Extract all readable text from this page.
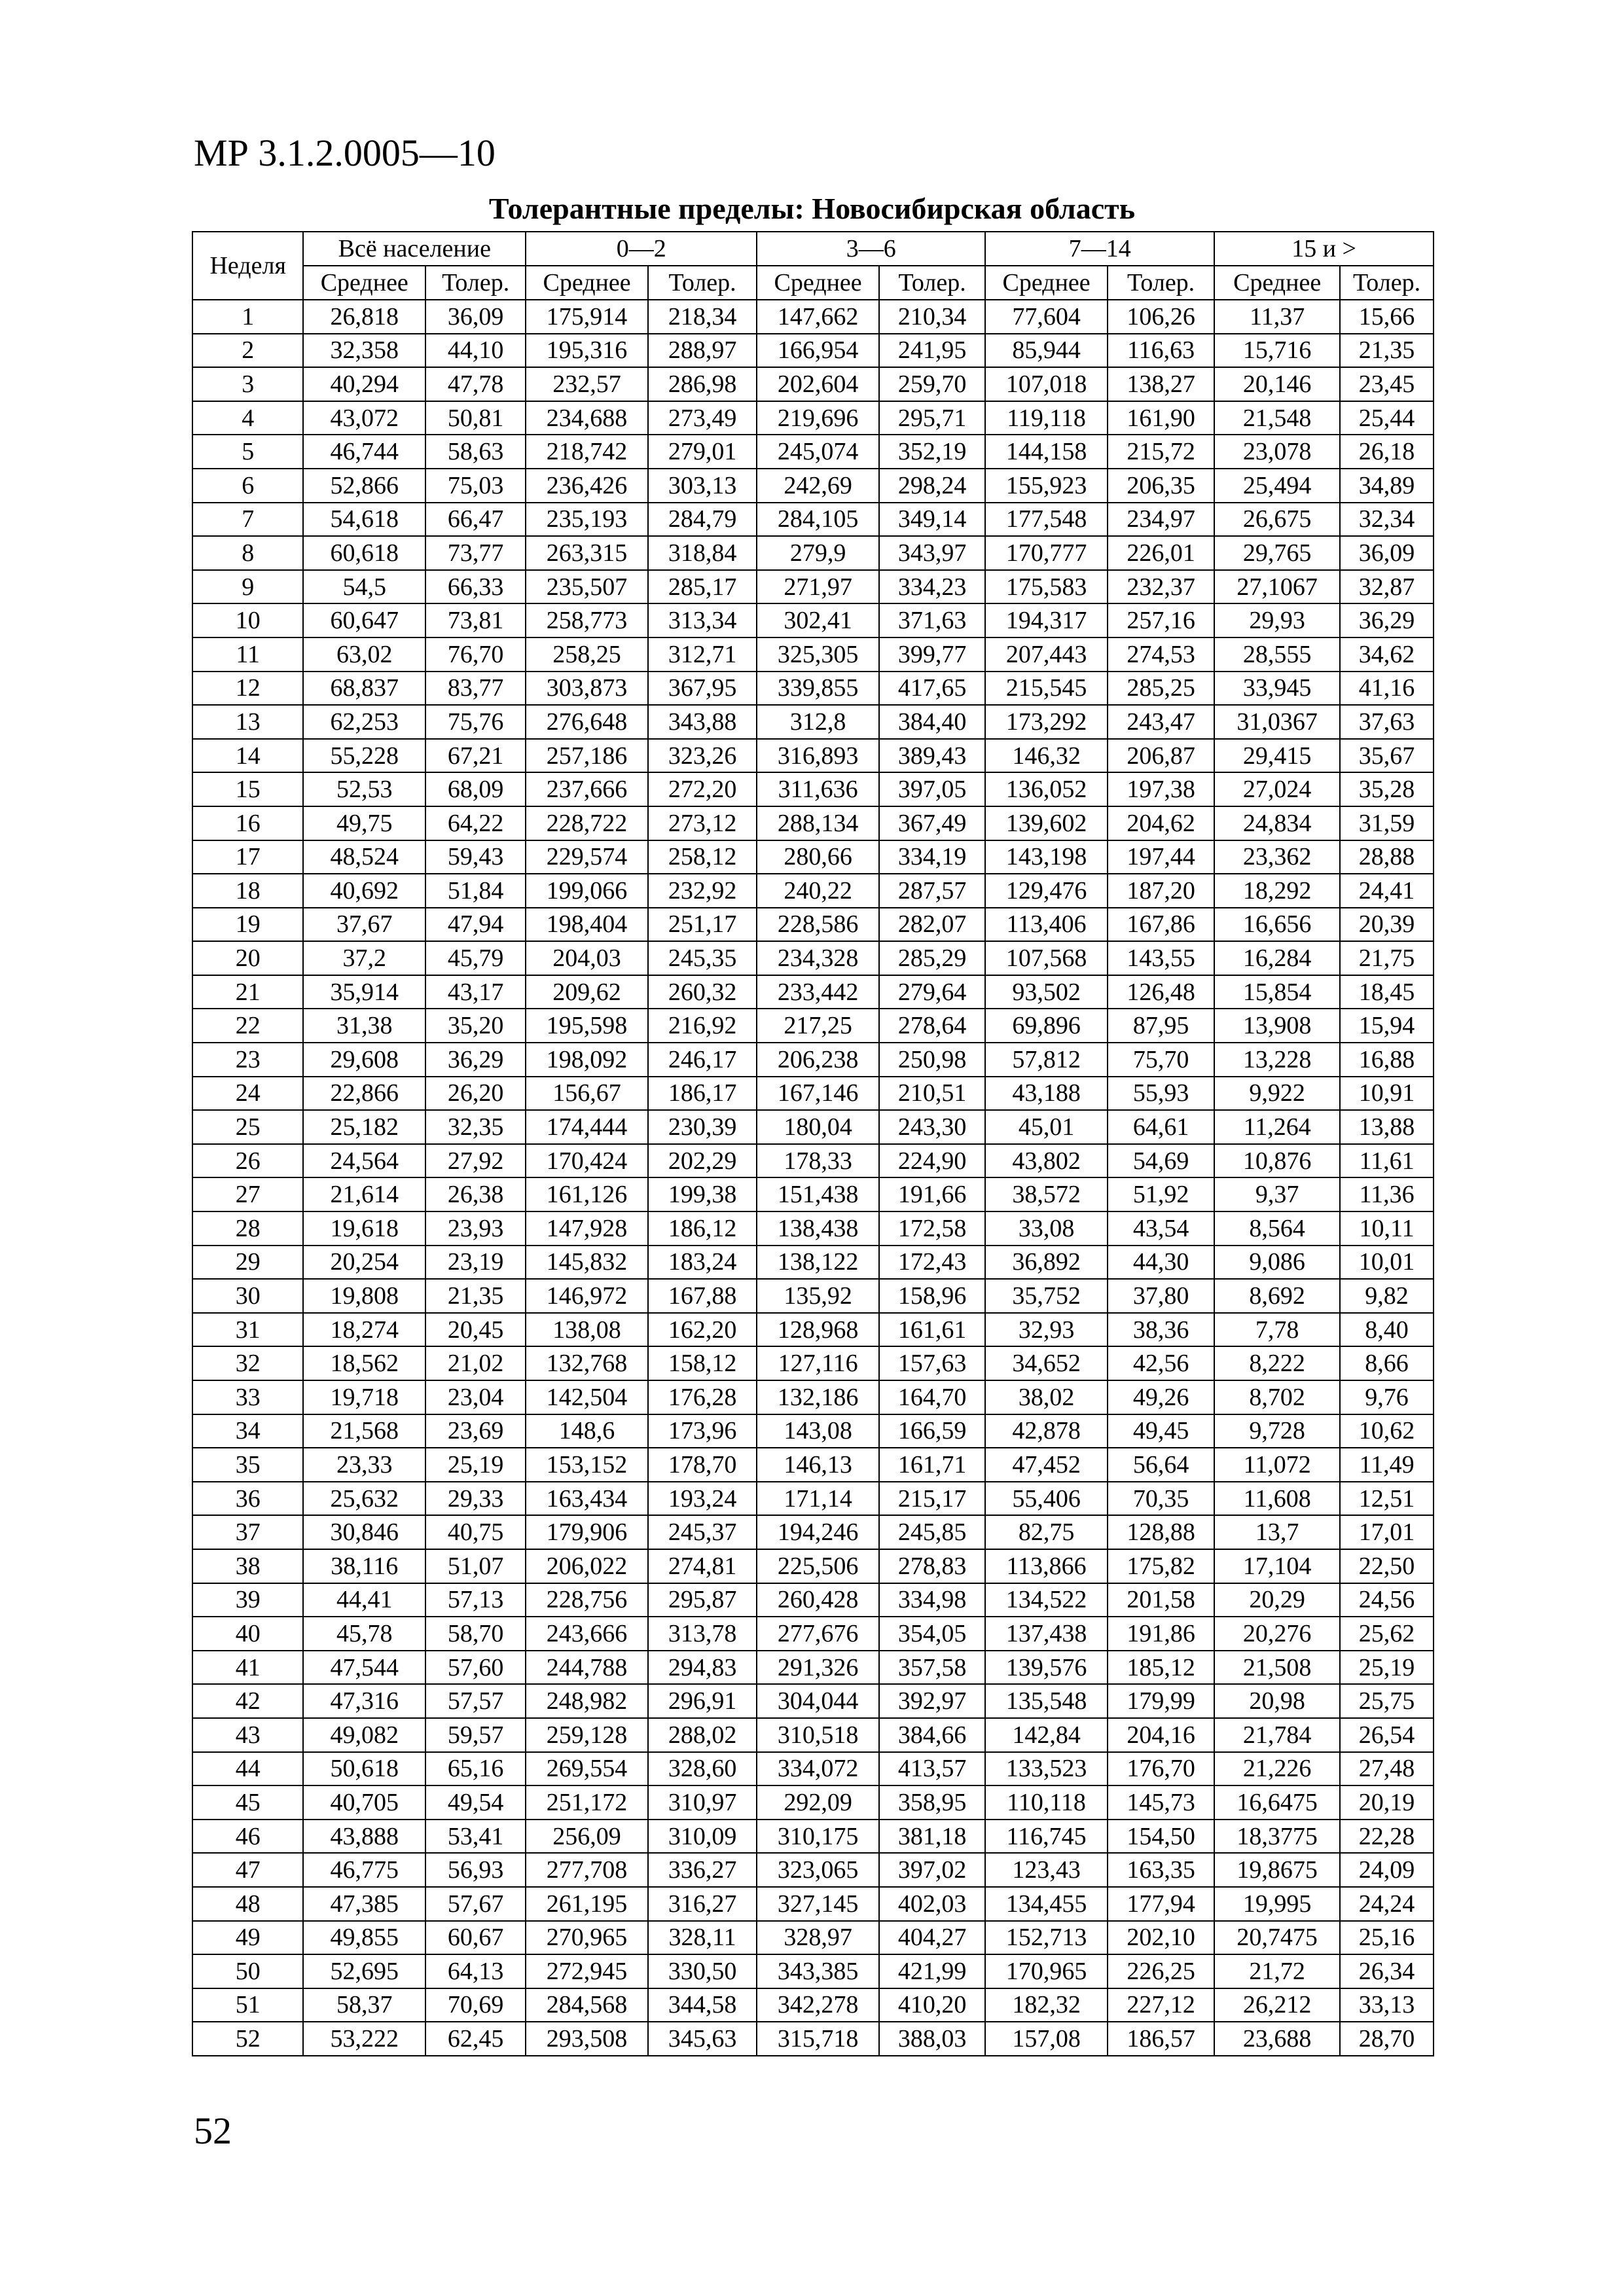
МР 3.1.2.0005—10
Толерантные пределы: Новосибирская область
Неделя	Всё население		0—2		3—6		7—14		15 и >	
	Среднее	Толер.	Среднее	Толер.	Среднее	Толер.	Среднее	Толер.	Среднее	Толер.
1	26,818	36,09	175,914	218,34	147,662	210,34	77,604	106,26	11,37	15,66
2	32,358	44,10	195,316	288,97	166,954	241,95	85,944	116,63	15,716	21,35
3	40,294	47,78	232,57	286,98	202,604	259,70	107,018	138,27	20,146	23,45
4	43,072	50,81	234,688	273,49	219,696	295,71	119,118	161,90	21,548	25,44
5	46,744	58,63	218,742	279,01	245,074	352,19	144,158	215,72	23,078	26,18
6	52,866	75,03	236,426	303,13	242,69	298,24	155,923	206,35	25,494	34,89
7	54,618	66,47	235,193	284,79	284,105	349,14	177,548	234,97	26,675	32,34
8	60,618	73,77	263,315	318,84	279,9	343,97	170,777	226,01	29,765	36,09
9	54,5	66,33	235,507	285,17	271,97	334,23	175,583	232,37	27,1067	32,87
10	60,647	73,81	258,773	313,34	302,41	371,63	194,317	257,16	29,93	36,29
11	63,02	76,70	258,25	312,71	325,305	399,77	207,443	274,53	28,555	34,62
12	68,837	83,77	303,873	367,95	339,855	417,65	215,545	285,25	33,945	41,16
13	62,253	75,76	276,648	343,88	312,8	384,40	173,292	243,47	31,0367	37,63
14	55,228	67,21	257,186	323,26	316,893	389,43	146,32	206,87	29,415	35,67
15	52,53	68,09	237,666	272,20	311,636	397,05	136,052	197,38	27,024	35,28
16	49,75	64,22	228,722	273,12	288,134	367,49	139,602	204,62	24,834	31,59
17	48,524	59,43	229,574	258,12	280,66	334,19	143,198	197,44	23,362	28,88
18	40,692	51,84	199,066	232,92	240,22	287,57	129,476	187,20	18,292	24,41
19	37,67	47,94	198,404	251,17	228,586	282,07	113,406	167,86	16,656	20,39
20	37,2	45,79	204,03	245,35	234,328	285,29	107,568	143,55	16,284	21,75
21	35,914	43,17	209,62	260,32	233,442	279,64	93,502	126,48	15,854	18,45
22	31,38	35,20	195,598	216,92	217,25	278,64	69,896	87,95	13,908	15,94
23	29,608	36,29	198,092	246,17	206,238	250,98	57,812	75,70	13,228	16,88
24	22,866	26,20	156,67	186,17	167,146	210,51	43,188	55,93	9,922	10,91
25	25,182	32,35	174,444	230,39	180,04	243,30	45,01	64,61	11,264	13,88
26	24,564	27,92	170,424	202,29	178,33	224,90	43,802	54,69	10,876	11,61
27	21,614	26,38	161,126	199,38	151,438	191,66	38,572	51,92	9,37	11,36
28	19,618	23,93	147,928	186,12	138,438	172,58	33,08	43,54	8,564	10,11
29	20,254	23,19	145,832	183,24	138,122	172,43	36,892	44,30	9,086	10,01
30	19,808	21,35	146,972	167,88	135,92	158,96	35,752	37,80	8,692	9,82
31	18,274	20,45	138,08	162,20	128,968	161,61	32,93	38,36	7,78	8,40
32	18,562	21,02	132,768	158,12	127,116	157,63	34,652	42,56	8,222	8,66
33	19,718	23,04	142,504	176,28	132,186	164,70	38,02	49,26	8,702	9,76
34	21,568	23,69	148,6	173,96	143,08	166,59	42,878	49,45	9,728	10,62
35	23,33	25,19	153,152	178,70	146,13	161,71	47,452	56,64	11,072	11,49
36	25,632	29,33	163,434	193,24	171,14	215,17	55,406	70,35	11,608	12,51
37	30,846	40,75	179,906	245,37	194,246	245,85	82,75	128,88	13,7	17,01
38	38,116	51,07	206,022	274,81	225,506	278,83	113,866	175,82	17,104	22,50
39	44,41	57,13	228,756	295,87	260,428	334,98	134,522	201,58	20,29	24,56
40	45,78	58,70	243,666	313,78	277,676	354,05	137,438	191,86	20,276	25,62
41	47,544	57,60	244,788	294,83	291,326	357,58	139,576	185,12	21,508	25,19
42	47,316	57,57	248,982	296,91	304,044	392,97	135,548	179,99	20,98	25,75
43	49,082	59,57	259,128	288,02	310,518	384,66	142,84	204,16	21,784	26,54
44	50,618	65,16	269,554	328,60	334,072	413,57	133,523	176,70	21,226	27,48
45	40,705	49,54	251,172	310,97	292,09	358,95	110,118	145,73	16,6475	20,19
46	43,888	53,41	256,09	310,09	310,175	381,18	116,745	154,50	18,3775	22,28
47	46,775	56,93	277,708	336,27	323,065	397,02	123,43	163,35	19,8675	24,09
48	47,385	57,67	261,195	316,27	327,145	402,03	134,455	177,94	19,995	24,24
49	49,855	60,67	270,965	328,11	328,97	404,27	152,713	202,10	20,7475	25,16
50	52,695	64,13	272,945	330,50	343,385	421,99	170,965	226,25	21,72	26,34
51	58,37	70,69	284,568	344,58	342,278	410,20	182,32	227,12	26,212	33,13
52	53,222	62,45	293,508	345,63	315,718	388,03	157,08	186,57	23,688	28,70
52
